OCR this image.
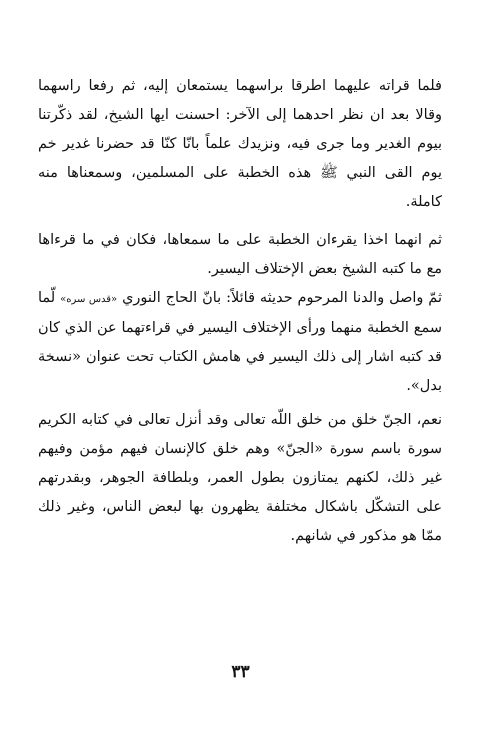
فلما قراته عليهما اطرقا براسهما يستمعان إليه، ثم رفعا راسهما وقالا بعد ان نظر احدهما إلى الآخر: احسنت ايها الشيخ، لقد ذكّرتنا بيوم الغدير وما جرى فيه، ونزيدك علماً بانّا كنّا قد حضرنا غدير خم يوم القى النبي ﷺ هذه الخطبة على المسلمين، وسمعناها منه كاملة.

ثم انهما اخذا يقرءان الخطبة على ما سمعاها، فكان في ما قرءاها مع ما كتبه الشيخ بعض الإختلاف اليسير.

ثمّ واصل والدنا المرحوم حديثه قائلاً: بانّ الحاج النوري «قدس سره» لّما سمع الخطبة منهما ورأى الإختلاف اليسير في قراءتهما عن الذي كان قد كتبه اشار إلى ذلك اليسير في هامش الكتاب تحت عنوان «نسخة بدل».

نعم، الجنّ خلق من خلق اللّه تعالى وقد أنزل تعالى في كتابه الكريم سورة باسم سورة «الجنّ» وهم خلق كالإنسان فيهم مؤمن وفيهم غير ذلك، لكنهم يمتازون بطول العمر، وبلطافة الجوهر، وبقدرتهم على التشكّل باشكال مختلفة يظهرون بها لبعض الناس، وغير ذلك ممّا هو مذكور في شانهم.

٣٣
